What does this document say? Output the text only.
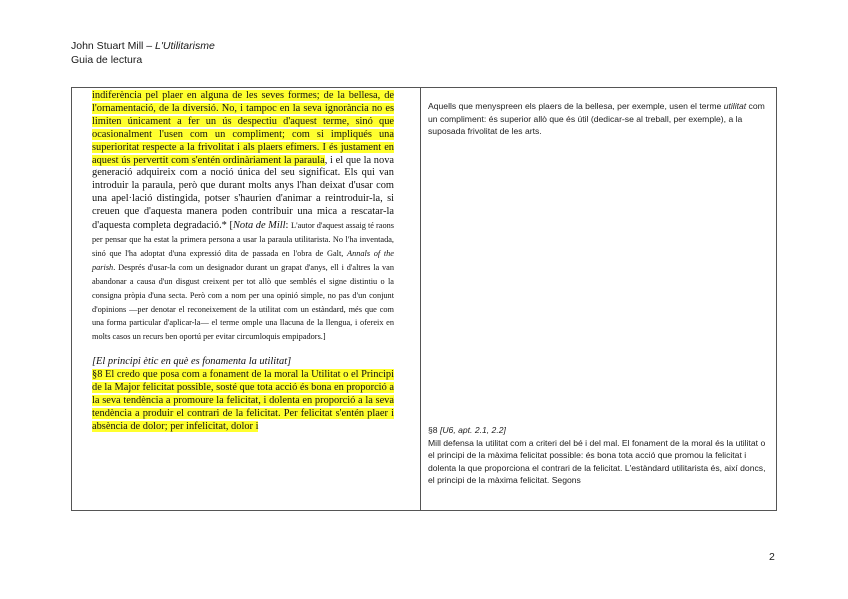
John Stuart Mill – L'Utilitarisme
Guia de lectura

indiferència pel plaer en alguna de les seves formes; de la bellesa, de l'ornamentació, de la diversió. No, i tampoc en la seva ignorància no es limiten únicament a fer un ús despectiu d'aquest terme, sinó que ocasionalment l'usen com un compliment; com si impliqués una superioritat respecte a la frivolitat i als plaers efímers. I és justament en aquest ús pervertit com s'entén ordinàriament la paraula, i el que la nova generació adquireix com a noció única del seu significat. Els qui van introduir la paraula, però que durant molts anys l'han deixat d'usar com una apel·lació distingida, potser s'haurien d'animar a reintroduir-la, si creuen que d'aquesta manera poden contribuir una mica a rescatar-la d'aquesta completa degradació.* [Nota de Mill: L'autor d'aquest assaig té raons per pensar que ha estat la primera persona a usar la paraula utilitarista. No l'ha inventada, sinó que l'ha adoptat d'una expressió dita de passada en l'obra de Galt, Annals of the parish. Després d'usar-la com un designador durant un grapat d'anys, ell i d'altres la van abandonar a causa d'un disgust creixent per tot allò que semblés el signe distintiu o la consigna pròpia d'una secta. Però com a nom per una opinió simple, no pas d'un conjunt d'opinions —per denotar el reconeixement de la utilitat com un estàndard, més que com una forma particular d'aplicar-la— el terme omple una llacuna de la llengua, i ofereix en molts casos un recurs ben oportú per evitar circumloquis empipadors.]

[El principi ètic en què es fonamenta la utilitat]

§8 El credo que posa com a fonament de la moral la Utilitat o el Principi de la Major felicitat possible, sosté que tota acció és bona en proporció a la seva tendència a promoure la felicitat, i dolenta en proporció a la seva tendència a produir el contrari de la felicitat. Per felicitat s'entén plaer i absència de dolor; per infelicitat, dolor i

Aquells que menyspreen els plaers de la bellesa, per exemple, usen el terme utilitat com un compliment: és superior allò que és útil (dedicar-se al treball, per exemple), a la suposada frivolitat de les arts.

§8 [U6, apt. 2.1, 2.2]

Mill defensa la utilitat com a criteri del bé i del mal. El fonament de la moral és la utilitat o el principi de la màxima felicitat possible: és bona tota acció que promou la felicitat i dolenta la que proporciona el contrari de la felicitat. L'estàndard utilitarista és, així doncs, el principi de la màxima felicitat. Segons

2
